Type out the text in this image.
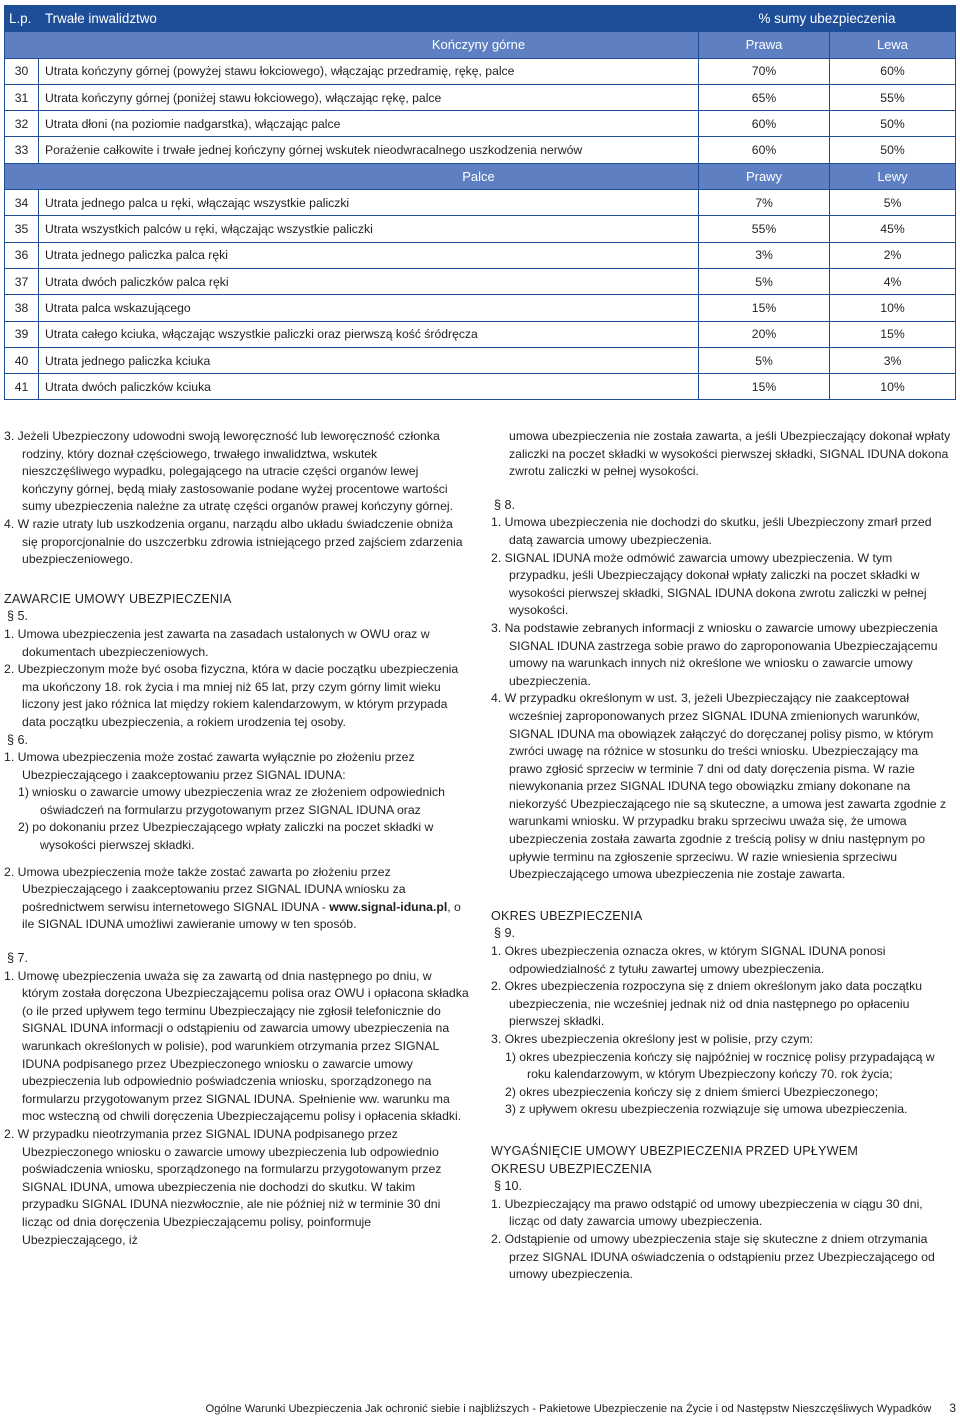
L.p.	Trwałe inwalidztwo	% sumy ubezpieczenia	
Kończyny górne		Prawa	Lewa
30	Utrata kończyny górnej (powyżej stawu łokciowego), włączając przedramię, rękę, palce	70%	60%
31	Utrata kończyny górnej (poniżej stawu łokciowego), włączając rękę, palce	65%	55%
32	Utrata dłoni (na poziomie nadgarstka), włączając palce	60%	50%
33	Porażenie całkowite i trwałe jednej kończyny górnej wskutek nieodwracalnego uszkodzenia nerwów	60%	50%
Palce		Prawy	Lewy
34	Utrata jednego palca u ręki, włączając wszystkie paliczki	7%	5%
35	Utrata wszystkich palców u ręki, włączając wszystkie paliczki	55%	45%
36	Utrata jednego paliczka palca ręki	3%	2%
37	Utrata dwóch paliczków palca ręki	5%	4%
38	Utrata palca wskazującego	15%	10%
39	Utrata całego kciuka, włączając wszystkie paliczki oraz pierwszą kość śródręcza	20%	15%
40	Utrata jednego paliczka kciuka	5%	3%
41	Utrata dwóch paliczków kciuka	15%	10%

3. Jeżeli Ubezpieczony udowodni swoją leworęczność lub leworęczność członka rodziny, który doznał częściowego, trwałego inwalidztwa, wskutek nieszczęśliwego wypadku, polegającego na utracie części organów lewej kończyny górnej, będą miały zastosowanie podane wyżej procentowe wartości sumy ubezpieczenia należne za utratę części organów prawej kończyny górnej.

4. W razie utraty lub uszkodzenia organu, narządu albo układu świadczenie obniża się proporcjonalnie do uszczerbku zdrowia istniejącego przed zajściem zdarzenia ubezpieczeniowego.

ZAWARCIE UMOWY UBEZPIECZENIA

§ 5.

1. Umowa ubezpieczenia jest zawarta na zasadach ustalonych w OWU oraz w dokumentach ubezpieczeniowych.

2. Ubezpieczonym może być osoba fizyczna, która w dacie początku ubezpieczenia ma ukończony 18. rok życia i ma mniej niż 65 lat, przy czym górny limit wieku liczony jest jako różnica lat między rokiem kalendarzowym, w którym przypada data początku ubezpieczenia, a rokiem urodzenia tej osoby.

§ 6.

1. Umowa ubezpieczenia może zostać zawarta wyłącznie po złożeniu przez Ubezpieczającego i zaakceptowaniu przez SIGNAL IDUNA:

1) wniosku o zawarcie umowy ubezpieczenia wraz ze złożeniem odpowiednich oświadczeń na formularzu przygotowanym przez SIGNAL IDUNA oraz

2) po dokonaniu przez Ubezpieczającego wpłaty zaliczki na poczet składki w wysokości pierwszej składki.

2. Umowa ubezpieczenia może także zostać zawarta po złożeniu przez Ubezpieczającego i zaakceptowaniu przez SIGNAL IDUNA wniosku za pośrednictwem serwisu internetowego SIGNAL IDUNA - www.signal-iduna.pl, o ile SIGNAL IDUNA umożliwi zawieranie umowy w ten sposób.

§ 7.

1. Umowę ubezpieczenia uważa się za zawartą od dnia następnego po dniu, w którym została doręczona Ubezpieczającemu polisa oraz OWU i opłacona składka (o ile przed upływem tego terminu Ubezpieczający nie zgłosił telefonicznie do SIGNAL IDUNA informacji o odstąpieniu od zawarcia umowy ubezpieczenia na warunkach określonych w polisie), pod warunkiem otrzymania przez SIGNAL IDUNA podpisanego przez Ubezpieczonego wniosku o zawarcie umowy ubezpieczenia lub odpowiednio poświadczenia wniosku, sporządzonego na formularzu przygotowanym przez SIGNAL IDUNA. Spełnienie ww. warunku ma moc wsteczną od chwili doręczenia Ubezpieczającemu polisy i opłacenia składki.

2. W przypadku nieotrzymania przez SIGNAL IDUNA podpisanego przez Ubezpieczonego wniosku o zawarcie umowy ubezpieczenia lub odpowiednio poświadczenia wniosku, sporządzonego na formularzu przygotowanym przez SIGNAL IDUNA, umowa ubezpieczenia nie dochodzi do skutku. W takim przypadku SIGNAL IDUNA niezwłocznie, ale nie później niż w terminie 30 dni licząc od dnia doręczenia Ubezpieczającemu polisy, poinformuje Ubezpieczającego, iż

umowa ubezpieczenia nie została zawarta, a jeśli Ubezpieczający dokonał wpłaty zaliczki na poczet składki w wysokości pierwszej składki, SIGNAL IDUNA dokona zwrotu zaliczki w pełnej wysokości.

§ 8.

1. Umowa ubezpieczenia nie dochodzi do skutku, jeśli Ubezpieczony zmarł przed datą zawarcia umowy ubezpieczenia.

2. SIGNAL IDUNA może odmówić zawarcia umowy ubezpieczenia. W tym przypadku, jeśli Ubezpieczający dokonał wpłaty zaliczki na poczet składki w wysokości pierwszej składki, SIGNAL IDUNA dokona zwrotu zaliczki w pełnej wysokości.

3. Na podstawie zebranych informacji z wniosku o zawarcie umowy ubezpieczenia SIGNAL IDUNA zastrzega sobie prawo do zaproponowania Ubezpieczającemu umowy na warunkach innych niż określone we wniosku o zawarcie umowy ubezpieczenia.

4. W przypadku określonym w ust. 3, jeżeli Ubezpieczający nie zaakceptował wcześniej zaproponowanych przez SIGNAL IDUNA zmienionych warunków, SIGNAL IDUNA ma obowiązek załączyć do doręczanej polisy pismo, w którym zwróci uwagę na różnice w stosunku do treści wniosku. Ubezpieczający ma prawo zgłosić sprzeciw w terminie 7 dni od daty doręczenia pisma. W razie niewykonania przez SIGNAL IDUNA tego obowiązku zmiany dokonane na niekorzyść Ubezpieczającego nie są skuteczne, a umowa jest zawarta zgodnie z warunkami wniosku. W przypadku braku sprzeciwu uważa się, że umowa ubezpieczenia została zawarta zgodnie z treścią polisy w dniu następnym po upływie terminu na zgłoszenie sprzeciwu. W razie wniesienia sprzeciwu Ubezpieczającego umowa ubezpieczenia nie zostaje zawarta.

OKRES UBEZPIECZENIA

§ 9.

1. Okres ubezpieczenia oznacza okres, w którym SIGNAL IDUNA ponosi odpowiedzialność z tytułu zawartej umowy ubezpieczenia.

2. Okres ubezpieczenia rozpoczyna się z dniem określonym jako data początku ubezpieczenia, nie wcześniej jednak niż od dnia następnego po opłaceniu pierwszej składki.

3. Okres ubezpieczenia określony jest w polisie, przy czym:

1) okres ubezpieczenia kończy się najpóźniej w rocznicę polisy przypadającą w roku kalendarzowym, w którym Ubezpieczony kończy 70. rok życia;

2) okres ubezpieczenia kończy się z dniem śmierci Ubezpieczonego;

3) z upływem okresu ubezpieczenia rozwiązuje się umowa ubezpieczenia.

WYGAŚNIĘCIE UMOWY UBEZPIECZENIA PRZED UPŁYWEM OKRESU UBEZPIECZENIA

§ 10.

1. Ubezpieczający ma prawo odstąpić od umowy ubezpieczenia w ciągu 30 dni, licząc od daty zawarcia umowy ubezpieczenia.

2. Odstąpienie od umowy ubezpieczenia staje się skuteczne z dniem otrzymania przez SIGNAL IDUNA oświadczenia o odstąpieniu przez Ubezpieczającego od umowy ubezpieczenia.

Ogólne Warunki Ubezpieczenia Jak ochronić siebie i najbliższych - Pakietowe Ubezpieczenie na Życie i od Następstw Nieszczęśliwych Wypadków 3
